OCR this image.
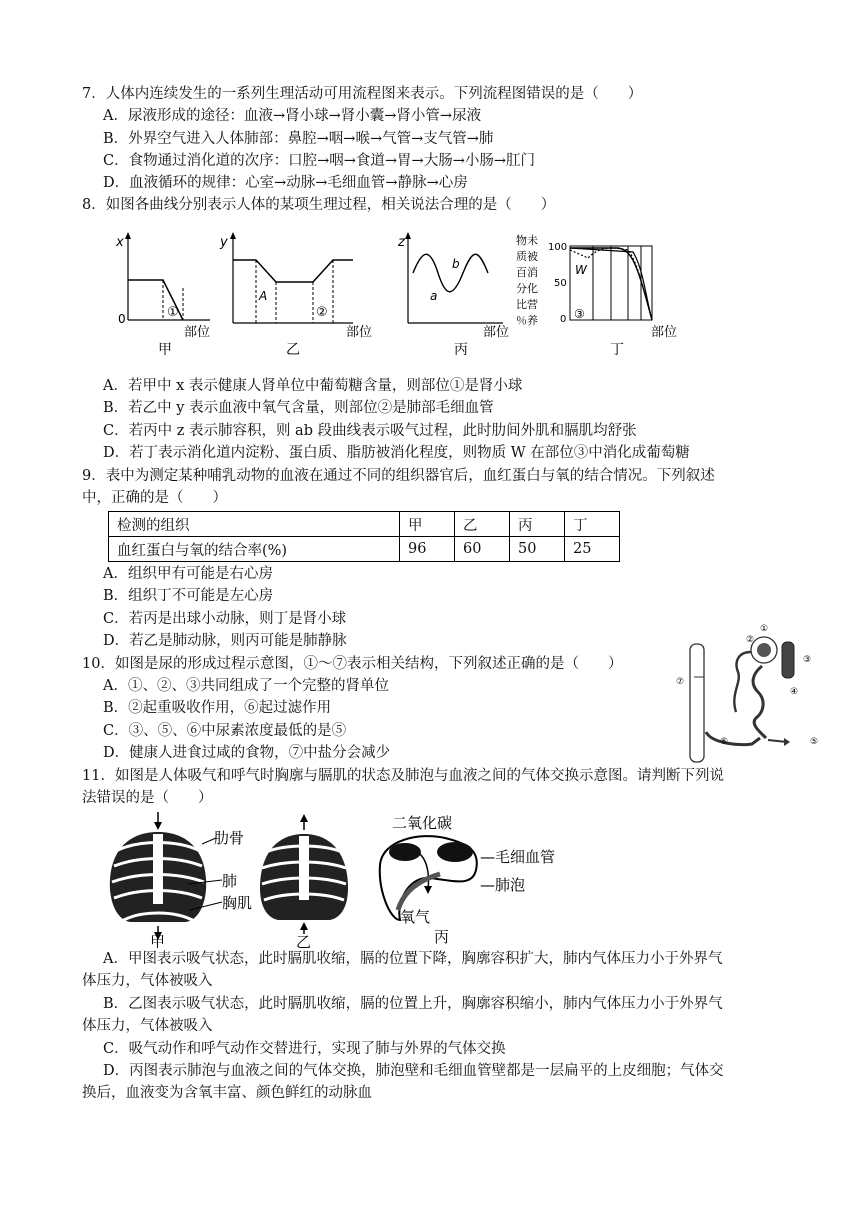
7．人体内连续发生的一系列生理活动可用流程图来表示。下列流程图错误的是（　　）
A．尿液形成的途径：血液→肾小球→肾小囊→肾小管→尿液
B．外界空气进入人体肺部：鼻腔→咽→喉→气管→支气管→肺
C．食物通过消化道的次序：口腔→咽→食道→胃→大肠→小肠→肛门
D．血液循环的规律：心室→动脉→毛细血管→静脉→心房
8．如图各曲线分别表示人体的某项生理过程，相关说法合理的是（　　）
x
0	①
部位
甲
y
A
②
部位
乙
z
a
b
部位
丙
物未
质被
百消
分化
比营
％养
100
50
0
W
③
部位
丁
A．若甲中 x 表示健康人肾单位中葡萄糖含量，则部位①是肾小球
B．若乙中 y 表示血液中氧气含量，则部位②是肺部毛细血管
C．若丙中 z 表示肺容积，则 ab 段曲线表示吸气过程，此时肋间外肌和膈肌均舒张
D．若丁表示消化道内淀粉、蛋白质、脂肪被消化程度，则物质 W 在部位③中消化成葡萄糖
9．表中为测定某种哺乳动物的血液在通过不同的组织器官后，血红蛋白与氧的结合情况。下列叙述
中，正确的是（　　）
检测的组织	甲	乙	丙	丁
血红蛋白与氧的结合率(%)	96	60	50	25
A．组织甲有可能是右心房
B．组织丁不可能是左心房
C．若丙是出球小动脉，则丁是肾小球
D．若乙是肺动脉，则丙可能是肺静脉
10．如图是尿的形成过程示意图，①～⑦表示相关结构，下列叙述正确的是（　　）
A．①、②、③共同组成了一个完整的肾单位
B．②起重吸收作用，⑥起过滤作用
C．③、⑤、⑥中尿素浓度最低的是⑤
D．健康人进食过咸的食物，⑦中盐分会减少
②
①
③
④
⑤
⑥
⑦
11．如图是人体吸气和呼气时胸廓与膈肌的状态及肺泡与血液之间的气体交换示意图。请判断下列说
法错误的是（　　）
甲
肋骨
肺
胸肌
乙
二氧化碳
—毛细血管
—肺泡
氧气
丙
A．甲图表示吸气状态，此时膈肌收缩，膈的位置下降，胸廓容积扩大，肺内气体压力小于外界气
体压力，气体被吸入
B．乙图表示吸气状态，此时膈肌收缩，膈的位置上升，胸廓容积缩小，肺内气体压力小于外界气
体压力，气体被吸入
C．吸气动作和呼气动作交替进行，实现了肺与外界的气体交换
D．丙图表示肺泡与血液之间的气体交换，肺泡壁和毛细血管壁都是一层扁平的上皮细胞；气体交
换后，血液变为含氧丰富、颜色鲜红的动脉血
